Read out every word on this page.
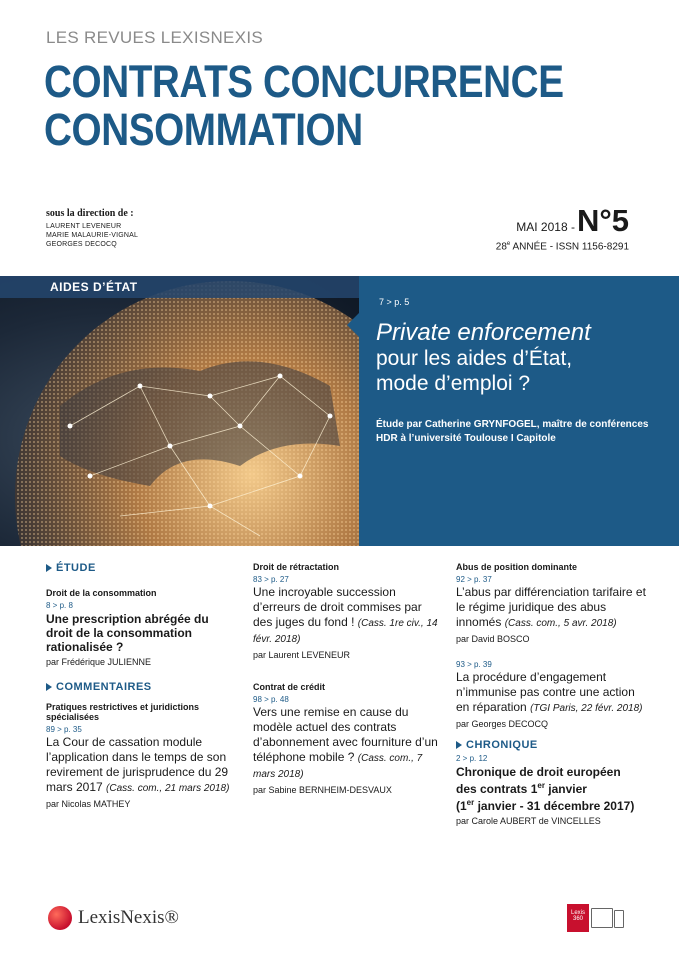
LES REVUES LEXISNEXIS
CONTRATS CONCURRENCE
CONSOMMATION
sous la direction de :
LAURENT LEVENEUR
MARIE MALAURIE-VIGNAL
GEORGES DECOCQ
MAI 2018 - N°5
28e ANNÉE - ISSN 1156-8291
AIDES D’ÉTAT
7 > p. 5
Private enforcement
pour les aides d’État,
mode d’emploi ?
Étude par Catherine GRYNFOGEL, maître de conférences
HDR à l’université Toulouse I Capitole
ÉTUDE
Droit de la consommation
8 > p. 8
Une prescription abrégée du droit de la consommation rationalisée ?
par Frédérique JULIENNE
COMMENTAIRES
Pratiques restrictives et juridictions spécialisées
89 > p. 35
La Cour de cassation module l’application dans le temps de son revirement de jurisprudence du 29 mars 2017 (Cass. com., 21 mars 2018)
par Nicolas MATHEY
Droit de rétractation
83 > p. 27
Une incroyable succession d’erreurs de droit commises par des juges du fond ! (Cass. 1re civ., 14 févr. 2018)
par Laurent LEVENEUR
Contrat de crédit
98 > p. 48
Vers une remise en cause du modèle actuel des contrats d’abonnement avec fourniture d’un téléphone mobile ? (Cass. com., 7 mars 2018)
par Sabine BERNHEIM-DESVAUX
Abus de position dominante
92 > p. 37
L’abus par différenciation tarifaire et le régime juridique des abus innomés (Cass. com., 5 avr. 2018)
par David BOSCO
93 > p. 39
La procédure d’engagement n’immunise pas contre une action en réparation (TGI Paris, 22 févr. 2018)
par Georges DECOCQ
CHRONIQUE
2 > p. 12
Chronique de droit européen
des contrats 1er janvier
(1er janvier - 31 décembre 2017)
par Carole AUBERT de VINCELLES
LexisNexis®	Lexis 360
